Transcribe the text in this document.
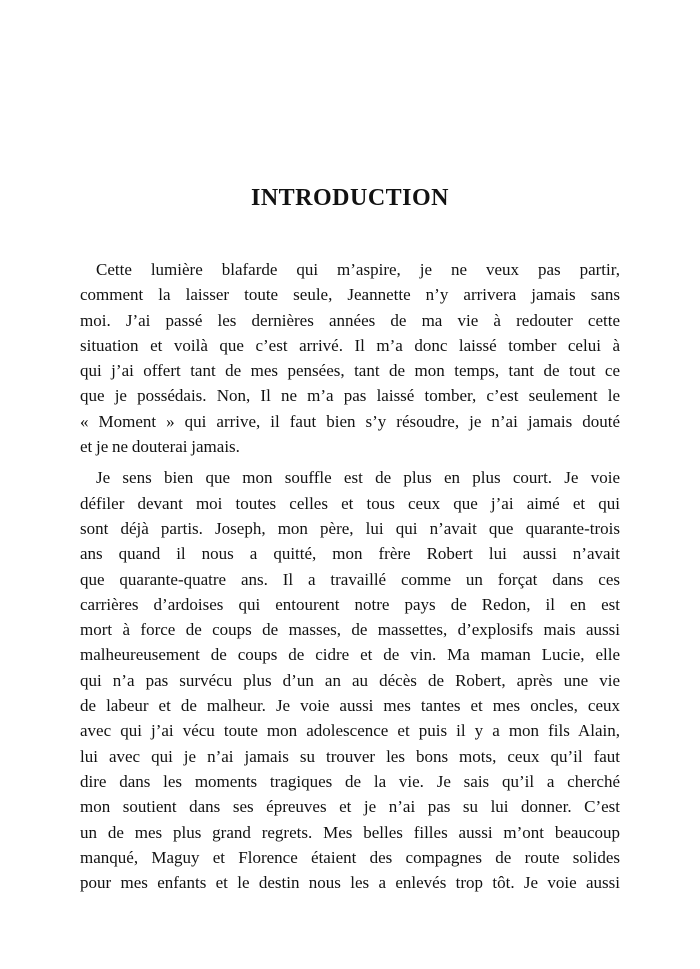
INTRODUCTION
Cette lumière blafarde qui m’aspire, je ne veux pas partir,
comment la laisser toute seule, Jeannette n’y arrivera jamais sans
moi. J’ai passé les dernières années de ma vie à redouter cette
situation et voilà que c’est arrivé. Il m’a donc laissé tomber celui à
qui j’ai offert tant de mes pensées, tant de mon temps, tant de tout ce
que je possédais. Non, Il ne m’a pas laissé tomber, c’est seulement le
« Moment » qui arrive, il faut bien s’y résoudre, je n’ai jamais douté
et je ne douterai jamais.
Je sens bien que mon souffle est de plus en plus court. Je voie
défiler devant moi toutes celles et tous ceux que j’ai aimé et qui
sont déjà partis. Joseph, mon père, lui qui n’avait que quarante-trois
ans quand il nous a quitté, mon frère Robert lui aussi n’avait
que quarante-quatre ans. Il a travaillé comme un forçat dans ces
carrières d’ardoises qui entourent notre pays de Redon, il en est
mort à force de coups de masses, de massettes, d’explosifs mais aussi
malheureusement de coups de cidre et de vin. Ma maman Lucie, elle
qui n’a pas survécu plus d’un an au décès de Robert, après une vie
de labeur et de malheur. Je voie aussi mes tantes et mes oncles, ceux
avec qui j’ai vécu toute mon adolescence et puis il y a mon fils Alain,
lui avec qui je n’ai jamais su trouver les bons mots, ceux qu’il faut
dire dans les moments tragiques de la vie. Je sais qu’il a cherché
mon soutient dans ses épreuves et je n’ai pas su lui donner. C’est
un de mes plus grand regrets. Mes belles filles aussi m’ont beaucoup
manqué, Maguy et Florence étaient des compagnes de route solides
pour mes enfants et le destin nous les a enlevés trop tôt. Je voie aussi
